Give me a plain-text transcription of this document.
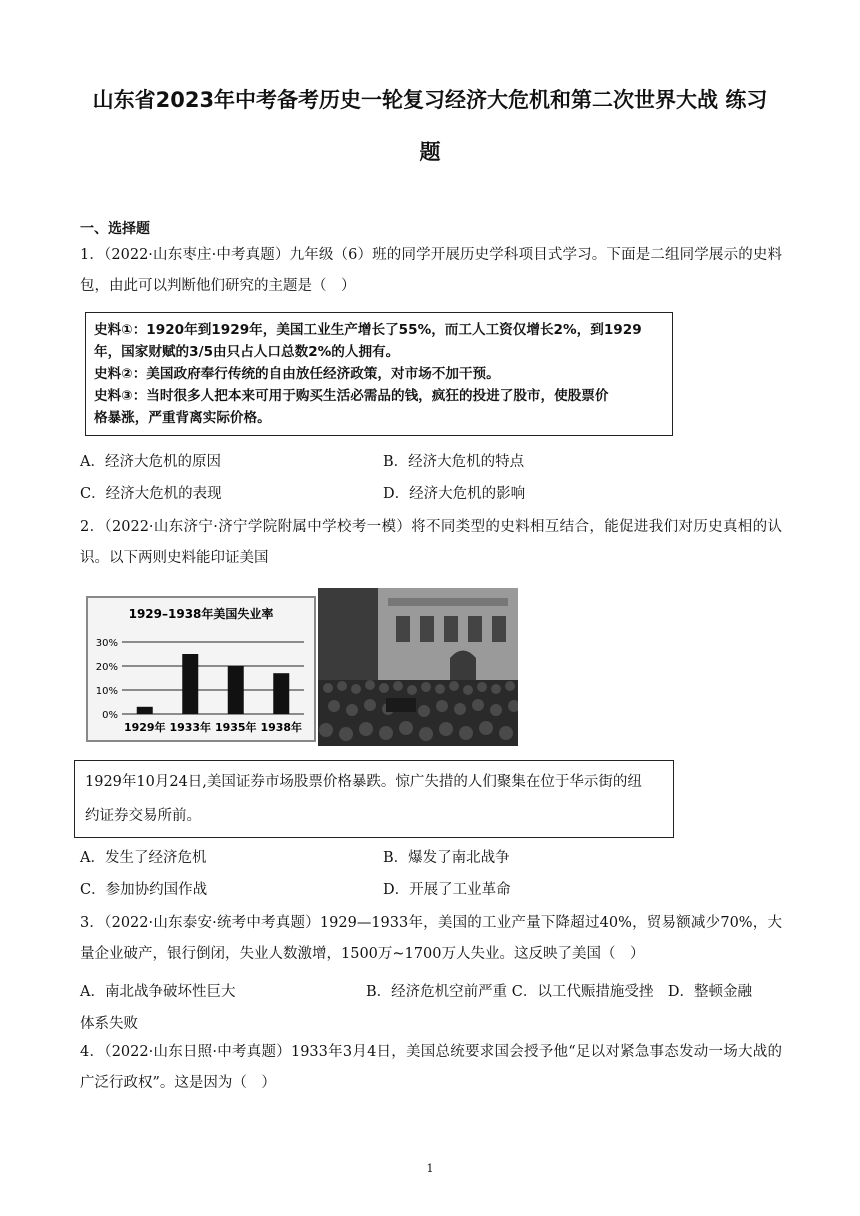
山东省2023年中考备考历史一轮复习经济大危机和第二次世界大战 练习
题
一、选择题
1．（2022·山东枣庄·中考真题）九年级（6）班的同学开展历史学科项目式学习。下面是二组同学展示的史料包，由此可以判断他们研究的主题是（　）
史料①：1920年到1929年，美国工业生产增长了55%，而工人工资仅增长2%，到1929
年，国家财赋的3/5由只占人口总数2%的人拥有。
史料②：美国政府奉行传统的自由放任经济政策，对市场不加干预。
史料③：当时很多人把本来可用于购买生活必需品的钱，疯狂的投进了股市，使股票价
格暴涨，严重背离实际价格。
A．经济大危机的原因	B．经济大危机的特点
C．经济大危机的表现	D．经济大危机的影响
2．（2022·山东济宁·济宁学院附属中学校考一模）将不同类型的史料相互结合，能促进我们对历史真相的认识。以下两则史料能印证美国
1929–1938年美国失业率
0%
10%
20%
30%
1929年 1933年 1935年 1938年
1929年10月24日,美国证券市场股票价格暴跌。惊广失措的人们聚集在位于华示街的纽
约证券交易所前。
A．发生了经济危机	B．爆发了南北战争
C．参加协约国作战	D．开展了工业革命
3．（2022·山东泰安·统考中考真题）1929—1933年，美国的工业产量下降超过40%，贸易额减少70%，大量企业破产，银行倒闭，失业人数激增，1500万~1700万人失业。这反映了美国（　）
A．南北战争破坏性巨大　　　　　　　　　B．经济危机空前严重 C．以工代赈措施受挫　D．整顿金融
体系失败
4．（2022·山东日照·中考真题）1933年3月4日，美国总统要求国会授予他“足以对紧急事态发动一场大战的广泛行政权”。这是因为（　）
1
